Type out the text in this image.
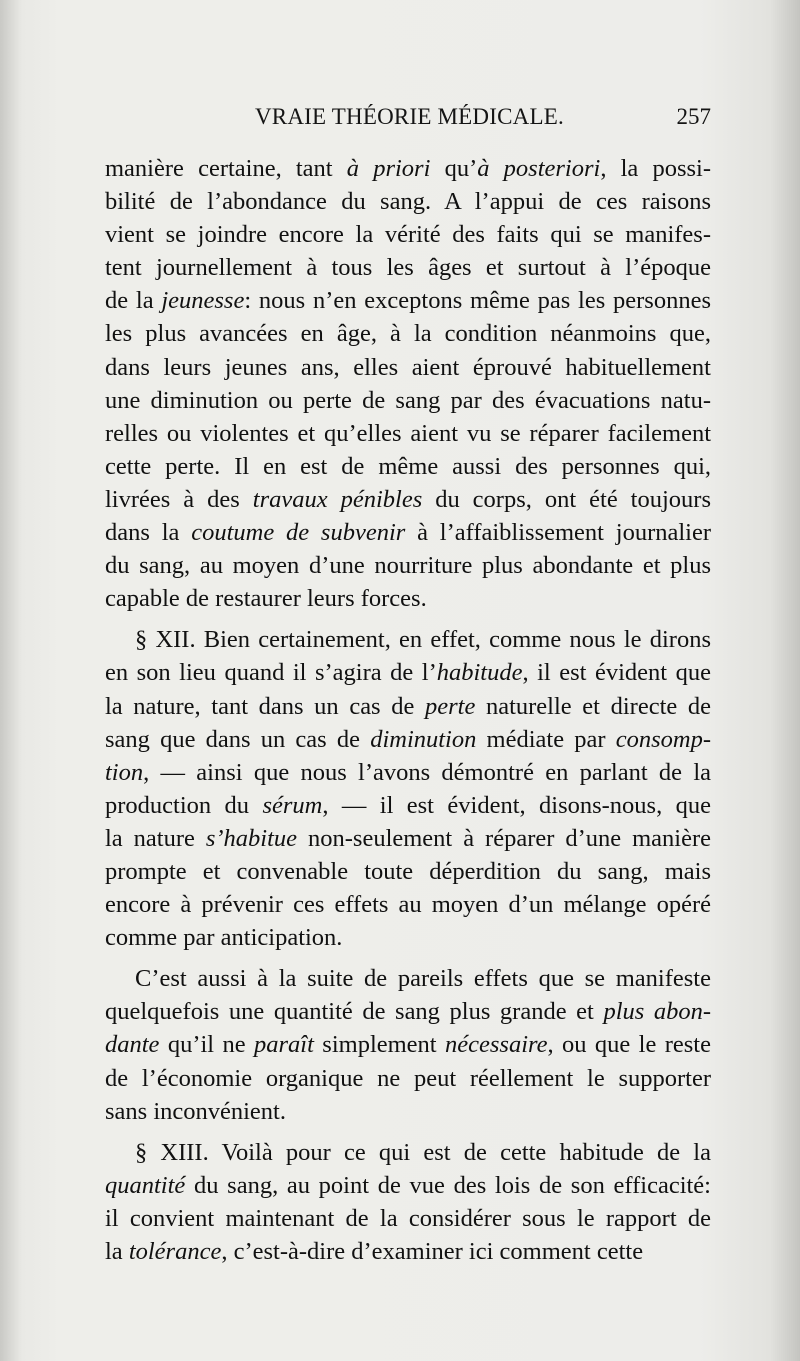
VRAIE THÉORIE MÉDICALE.	257
manière certaine, tant à priori qu’à posteriori, la possi-
bilité de l’abondance du sang. A l’appui de ces raisons
vient se joindre encore la vérité des faits qui se manifes-
tent journellement à tous les âges et surtout à l’époque
de la jeunesse: nous n’en exceptons même pas les personnes
les plus avancées en âge, à la condition néanmoins que,
dans leurs jeunes ans, elles aient éprouvé habituellement
une diminution ou perte de sang par des évacuations natu-
relles ou violentes et qu’elles aient vu se réparer facilement
cette perte. Il en est de même aussi des personnes qui,
livrées à des travaux pénibles du corps, ont été toujours
dans la coutume de subvenir à l’affaiblissement journalier
du sang, au moyen d’une nourriture plus abondante et plus
capable de restaurer leurs forces.
§ XII. Bien certainement, en effet, comme nous le dirons
en son lieu quand il s’agira de l’habitude, il est évident que
la nature, tant dans un cas de perte naturelle et directe de
sang que dans un cas de diminution médiate par consomp-
tion, — ainsi que nous l’avons démontré en parlant de la
production du sérum, — il est évident, disons-nous, que
la nature s’habitue non-seulement à réparer d’une manière
prompte et convenable toute déperdition du sang, mais
encore à prévenir ces effets au moyen d’un mélange opéré
comme par anticipation.
C’est aussi à la suite de pareils effets que se manifeste
quelquefois une quantité de sang plus grande et plus abon-
dante qu’il ne paraît simplement nécessaire, ou que le reste
de l’économie organique ne peut réellement le supporter
sans inconvénient.
§ XIII. Voilà pour ce qui est de cette habitude de la
quantité du sang, au point de vue des lois de son efficacité:
il convient maintenant de la considérer sous le rapport de
la tolérance, c’est-à-dire d’examiner ici comment cette
